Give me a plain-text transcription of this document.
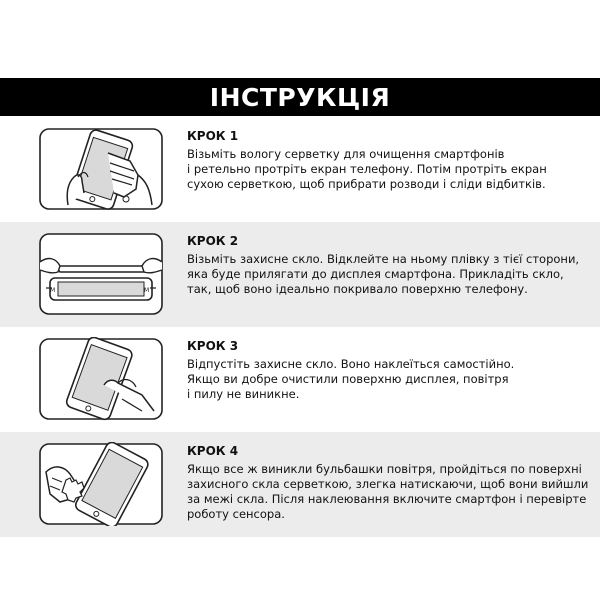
ІНСТРУКЦІЯ
КРОК 1
Візьміть вологу серветку для очищення смартфонів
і ретельно протріть екран телефону. Потім протріть екран
сухою серветкою, щоб прибрати розводи і сліди відбитків.
M	M
КРОК 2
Візьміть захисне скло. Відклейте на ньому плівку з тієї сторони,
яка буде прилягати до дисплея смартфона. Прикладіть скло,
так, щоб воно ідеально покривало поверхню телефону.
КРОК 3
Відпустіть захисне скло. Воно наклеїться самостійно.
Якщо ви добре очистили поверхню дисплея, повітря
і пилу не виникне.
КРОК 4
Якщо все ж виникли бульбашки повітря, пройдіться по поверхні
захисного скла серветкою, злегка натискаючи, щоб вони вийшли
за межі скла. Після наклеювання включите смартфон і перевірте
роботу сенсора.
